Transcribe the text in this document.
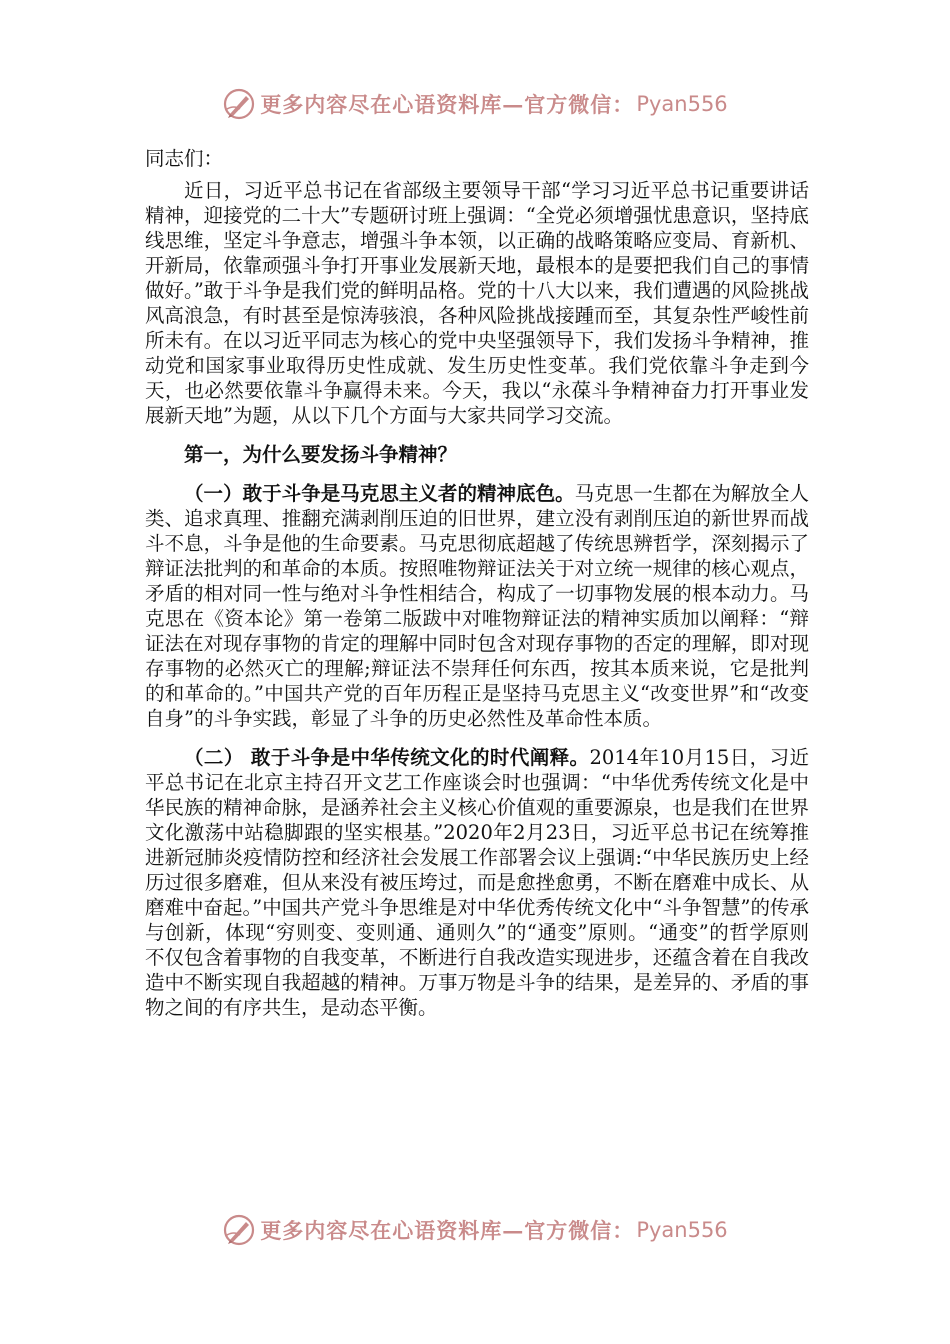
更多内容尽在心语资料库—官方微信： Pyan556

同志们：

近日，习近平总书记在省部级主要领导干部“学习习近平总书记重要讲话精神，迎接党的二十大”专题研讨班上强调：“全党必须增强忧患意识，坚持底线思维，坚定斗争意志，增强斗争本领，以正确的战略策略应变局、育新机、开新局，依靠顽强斗争打开事业发展新天地，最根本的是要把我们自己的事情做好。”敢于斗争是我们党的鲜明品格。党的十八大以来，我们遭遇的风险挑战风高浪急，有时甚至是惊涛骇浪，各种风险挑战接踵而至，其复杂性严峻性前所未有。在以习近平同志为核心的党中央坚强领导下，我们发扬斗争精神，推动党和国家事业取得历史性成就、发生历史性变革。我们党依靠斗争走到今天，也必然要依靠斗争赢得未来。今天，我以“永葆斗争精神奋力打开事业发展新天地”为题，从以下几个方面与大家共同学习交流。

第一，为什么要发扬斗争精神？

（一）敢于斗争是马克思主义者的精神底色。马克思一生都在为解放全人类、追求真理、推翻充满剥削压迫的旧世界，建立没有剥削压迫的新世界而战斗不息，斗争是他的生命要素。马克思彻底超越了传统思辨哲学，深刻揭示了辩证法批判的和革命的本质。按照唯物辩证法关于对立统一规律的核心观点，矛盾的相对同一性与绝对斗争性相结合，构成了一切事物发展的根本动力。马克思在《资本论》第一卷第二版跋中对唯物辩证法的精神实质加以阐释：“辩证法在对现存事物的肯定的理解中同时包含对现存事物的否定的理解，即对现存事物的必然灭亡的理解;辩证法不崇拜任何东西，按其本质来说，它是批判的和革命的。”中国共产党的百年历程正是坚持马克思主义“改变世界”和“改变自身”的斗争实践，彰显了斗争的历史必然性及革命性本质。

（二） 敢于斗争是中华传统文化的时代阐释。2014年10月15日，习近平总书记在北京主持召开文艺工作座谈会时也强调：“中华优秀传统文化是中华民族的精神命脉，是涵养社会主义核心价值观的重要源泉，也是我们在世界文化激荡中站稳脚跟的坚实根基。”2020年2月23日，习近平总书记在统筹推进新冠肺炎疫情防控和经济社会发展工作部署会议上强调:“中华民族历史上经历过很多磨难，但从来没有被压垮过，而是愈挫愈勇，不断在磨难中成长、从磨难中奋起。”中国共产党斗争思维是对中华优秀传统文化中“斗争智慧”的传承与创新，体现“穷则变、变则通、通则久”的“通变”原则。“通变”的哲学原则不仅包含着事物的自我变革，不断进行自我改造实现进步，还蕴含着在自我改造中不断实现自我超越的精神。万事万物是斗争的结果，是差异的、矛盾的事物之间的有序共生，是动态平衡。

更多内容尽在心语资料库—官方微信： Pyan556
